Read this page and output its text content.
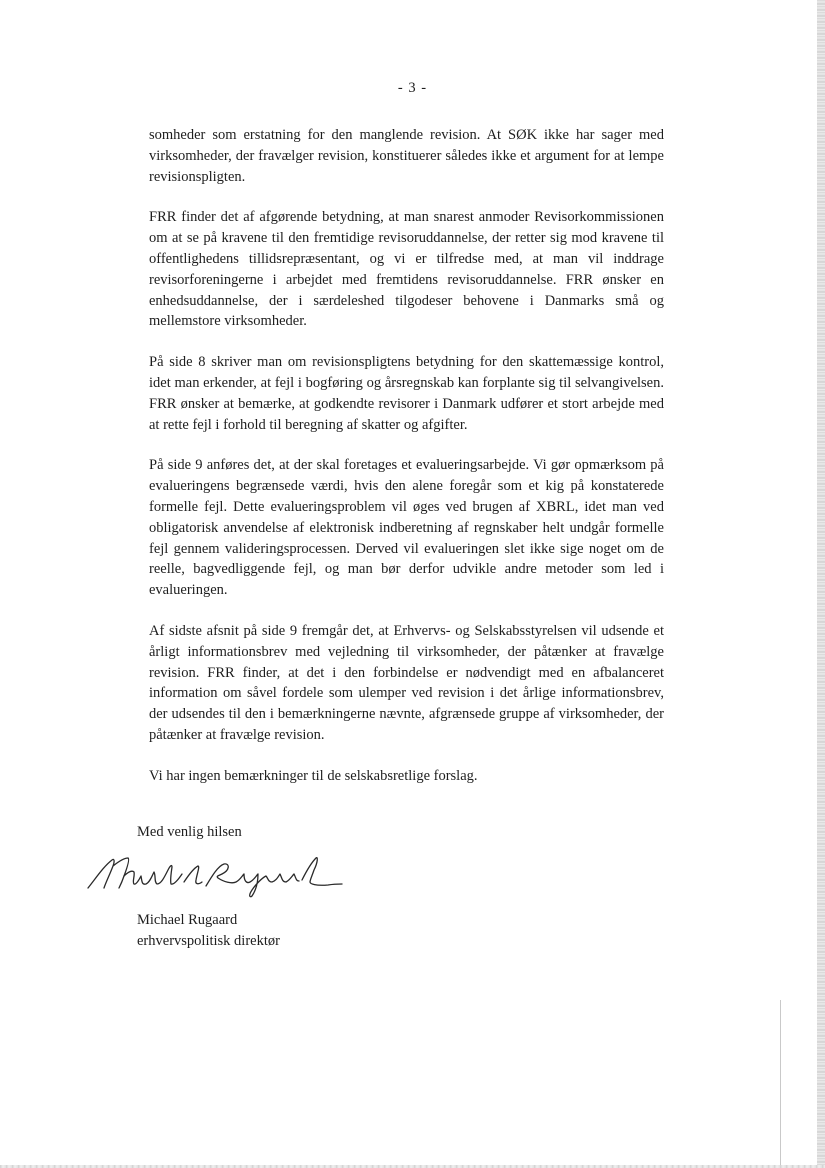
- 3 -

somheder som erstatning for den manglende revision. At SØK ikke har sager med virksomheder, der fravælger revision, konstituerer således ikke et argument for at lempe revisionspligten.

FRR finder det af afgørende betydning, at man snarest anmoder Revisorkommissionen om at se på kravene til den fremtidige revisoruddannelse, der retter sig mod kravene til offentlighedens tillidsrepræsentant, og vi er tilfredse med, at man vil inddrage revisorforeningerne i arbejdet med fremtidens revisoruddannelse. FRR ønsker en enhedsuddannelse, der i særdeleshed tilgodeser behovene i Danmarks små og mellemstore virksomheder.

På side 8 skriver man om revisionspligtens betydning for den skattemæssige kontrol, idet man erkender, at fejl i bogføring og årsregnskab kan forplante sig til selvangivelsen. FRR ønsker at bemærke, at godkendte revisorer i Danmark udfører et stort arbejde med at rette fejl i forhold til beregning af skatter og afgifter.

På side 9 anføres det, at der skal foretages et evalueringsarbejde. Vi gør opmærksom på evalueringens begrænsede værdi, hvis den alene foregår som et kig på konstaterede formelle fejl. Dette evalueringsproblem vil øges ved brugen af XBRL, idet man ved obligatorisk anvendelse af elektronisk indberetning af regnskaber helt undgår formelle fejl gennem valideringsprocessen. Derved vil evalueringen slet ikke sige noget om de reelle, bagvedliggende fejl, og man bør derfor udvikle andre metoder som led i evalueringen.

Af sidste afsnit på side 9 fremgår det, at Erhvervs- og Selskabsstyrelsen vil udsende et årligt informationsbrev med vejledning til virksomheder, der påtænker at fravælge revision. FRR finder, at det i den forbindelse er nødvendigt med en afbalanceret information om såvel fordele som ulemper ved revision i det årlige informationsbrev, der udsendes til den i bemærkningerne nævnte, afgrænsede gruppe af virksomheder, der påtænker at fravælge revision.

Vi har ingen bemærkninger til de selskabsretlige forslag.

Med venlig hilsen
Michael Rugaard
erhvervspolitisk direktør
